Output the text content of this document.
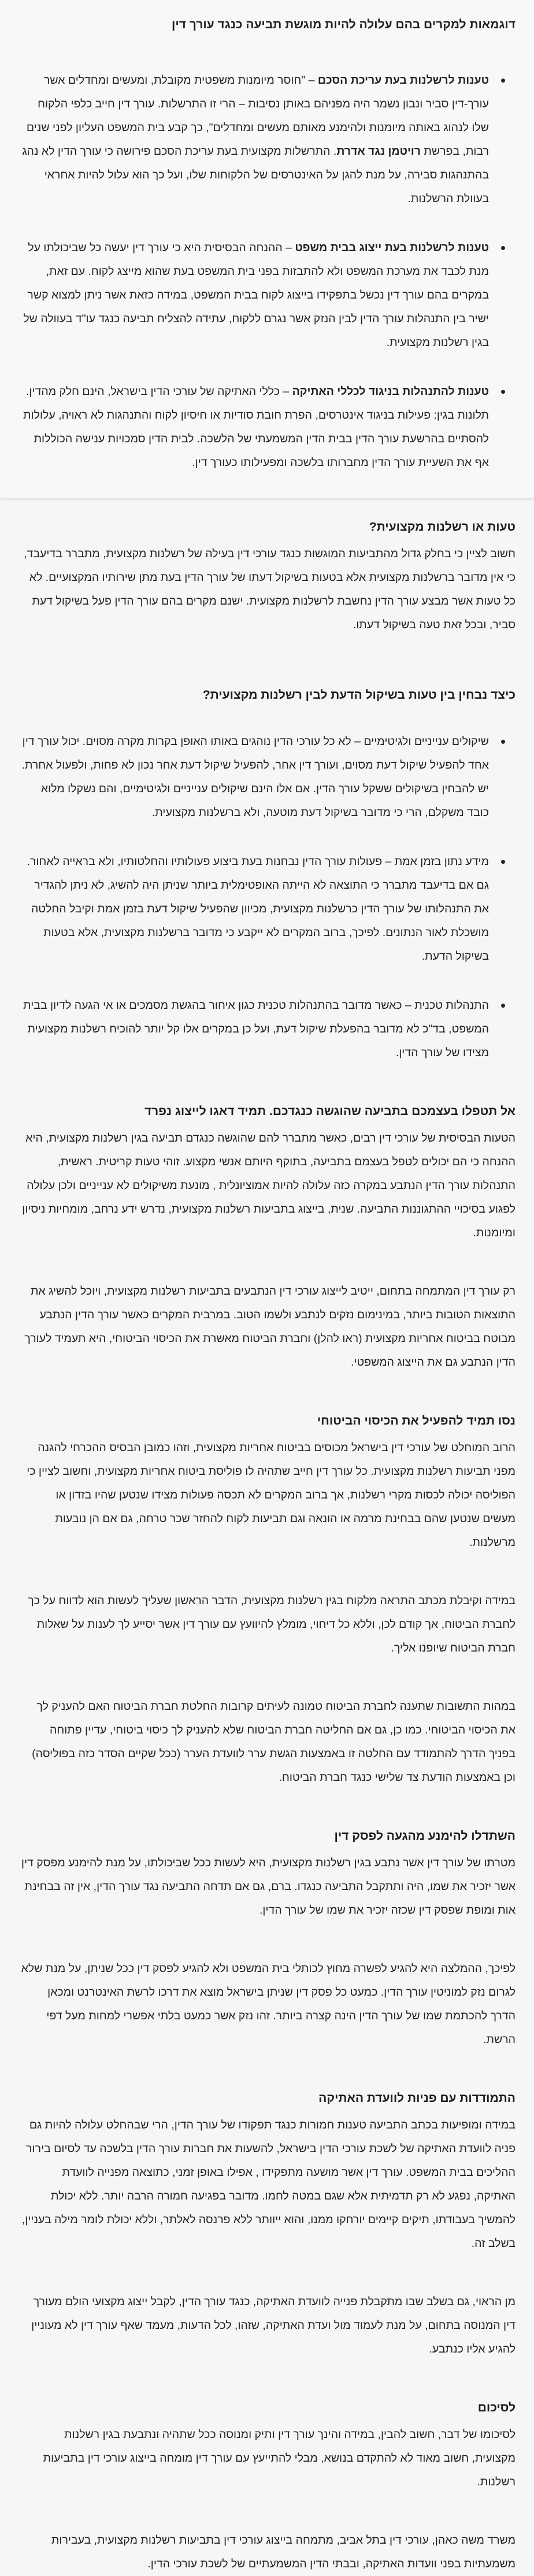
דוגמאות למקרים בהם עלולה להיות מוגשת תביעה כנגד עורך דין
טענות לרשלנות בעת עריכת הסכם – "חוסר מיומנות משפטית מקובלת, ומעשים ומחדלים אשר עורך-דין סביר ונבון נשמר היה מפניהם באותן נסיבות – הרי זו התרשלות. עורך דין חייב כלפי הלקוח שלו לנהוג באותה מיומנות ולהימנע מאותם מעשים ומחדלים", כך קבע בית המשפט העליון לפני שנים רבות, בפרשת רויטמן נגד אדרת. התרשלות מקצועית בעת עריכת הסכם פירושה כי עורך הדין לא נהג בהתנהגות סבירה, על מנת להגן על האינטרסים של הלקוחות שלו, ועל כך הוא עלול להיות אחראי בעוולת הרשלנות.
טענות לרשלנות בעת ייצוג בבית משפט – ההנחה הבסיסית היא כי עורך דין יעשה כל שביכולתו על מנת לכבד את מערכת המשפט ולא להתבזות בפני בית המשפט בעת שהוא מייצג לקוח. עם זאת, במקרים בהם עורך דין נכשל בתפקידו בייצוג לקוח בבית המשפט, במידה כזאת אשר ניתן למצוא קשר ישיר בין התנהלות עורך הדין לבין הנזק אשר נגרם ללקוח, עתידה להצליח תביעה כנגד עו"ד בעוולה של בגין רשלנות מקצועית.
טענות להתנהלות בניגוד לכללי האתיקה – כללי האתיקה של עורכי הדין בישראל, הינם חלק מהדין. תלונות בגין: פעילות בניגוד אינטרסים, הפרת חובת סודיות או חיסיון לקוח והתנהגות לא ראויה, עלולות להסתיים בהרשעת עורך הדין בבית הדין המשמעתי של הלשכה. לבית הדין סמכויות ענישה הכוללות אף את השעיית עורך הדין מחברותו בלשכה ומפעילותו כעורך דין.
טעות או רשלנות מקצועית?

חשוב לציין כי בחלק גדול מהתביעות המוגשות כנגד עורכי דין בעילה של רשלנות מקצועית, מתברר בדיעבד, כי אין מדובר ברשלנות מקצועית אלא בטעות בשיקול דעתו של עורך הדין בעת מתן שירותיו המקצועיים. לא כל טעות אשר מבצע עורך הדין נחשבת לרשלנות מקצועית. ישנם מקרים בהם עורך הדין פעל בשיקול דעת סביר, ובכל זאת טעה בשיקול דעתו.

כיצד נבחין בין טעות בשיקול הדעת לבין רשלנות מקצועית?
שיקולים ענייניים ולגיטימיים – לא כל עורכי הדין נוהגים באותו האופן בקרות מקרה מסוים. יכול עורך דין אחד להפעיל שיקול דעת מסוים, ועורך דין אחר, להפעיל שיקול דעת אחר נכון לא פחות, ולפעול אחרת. יש להבחין בשיקולים ששקל עורך הדין. אם אלו הינם שיקולים ענייניים ולגיטימיים, והם נשקלו מלוא כובד משקלם, הרי כי מדובר בשיקול דעת מוטעה, ולא ברשלנות מקצועית.
מידע נתון בזמן אמת – פעולות עורך הדין נבחנות בעת ביצוע פעולותיו והחלטותיו, ולא בראייה לאחור. גם אם בדיעבד מתברר כי התוצאה לא הייתה האופטימלית ביותר שניתן היה להשיג, לא ניתן להגדיר את התנהלותו של עורך הדין כרשלנות מקצועית, מכיוון שהפעיל שיקול דעת בזמן אמת וקיבל החלטה מושכלת לאור הנתונים. לפיכך, ברוב המקרים לא ייקבע כי מדובר ברשלנות מקצועית, אלא בטעות בשיקול הדעת.
התנהלות טכנית – כאשר מדובר בהתנהלות טכנית כגון איחור בהגשת מסמכים או אי הגעה לדיון בבית המשפט, בד"כ לא מדובר בהפעלת שיקול דעת, ועל כן במקרים אלו קל יותר להוכיח רשלנות מקצועית מצידו של עורך הדין.
אל תטפלו בעצמכם בתביעה שהוגשה כנגדכם. תמיד דאגו לייצוג נפרד

הטעות הבסיסית של עורכי דין רבים, כאשר מתברר להם שהוגשה כנגדם תביעה בגין רשלנות מקצועית, היא ההנחה כי הם יכולים לטפל בעצמם בתביעה, בתוקף היותם אנשי מקצוע. זוהי טעות קריטית. ראשית, התנהלות עורך הדין הנתבע במקרה כזה עלולה להיות אמוציונלית , מונעת משיקולים לא ענייניים ולכן עלולה לפגוע בסיכויי ההתגוננות התביעה. שנית, בייצוג בתביעות רשלנות מקצועית, נדרש ידע נרחב, מומחיות ניסיון ומיומנות.

רק עורך דין המתמחה בתחום, ייטיב לייצוג עורכי דין הנתבעים בתביעות רשלנות מקצועית, ויוכל להשיג את התוצאות הטובות ביותר, במינימום נזקים לנתבע ולשמו הטוב. במרבית המקרים כאשר עורך הדין הנתבע מבוטח בביטוח אחריות מקצועית (ראו להלן) וחברת הביטוח מאשרת את הכיסוי הביטוחי, היא תעמיד לעורך הדין הנתבע גם את הייצוג המשפטי.

נסו תמיד להפעיל את הכיסוי הביטוחי

הרוב המוחלט של עורכי דין בישראל מכוסים בביטוח אחריות מקצועית, וזהו כמובן הבסיס ההכרחי להגנה מפני תביעות רשלנות מקצועית. כל עורך דין חייב שתהיה לו פוליסת ביטוח אחריות מקצועית, וחשוב לציין כי הפוליסה יכולה לכסות מקרי רשלנות, אך ברוב המקרים לא תכסה פעולות מצידו שנטען שהיו בזדון או מעשים שנטען שהם בבחינת מרמה או הונאה וגם תביעות לקוח להחזר שכר טרחה, גם אם הן נובעות מרשלנות.

במידה וקיבלת מכתב התראה מלקוח בגין רשלנות מקצועית, הדבר הראשון שעליך לעשות הוא לדווח על כך לחברת הביטוח, אך קודם לכן, וללא כל דיחוי, מומלץ להיוועץ עם עורך דין אשר יסייע לך לענות על שאלות חברת הביטוח שיופנו אליך.

במהות התשובות שתענה לחברת הביטוח טמונה לעיתים קרובות החלטת חברת הביטוח האם להעניק לך את הכיסוי הביטוחי. כמו כן, גם אם החליטה חברת הביטוח שלא להעניק לך כיסוי ביטוחי, עדיין פתוחה בפניך הדרך להתמודד עם החלטה זו באמצעות הגשת ערר לוועדת הערר (ככל שקיים הסדר כזה בפוליסה) וכן באמצעות הודעת צד שלישי כנגד חברת הביטוח.

השתדלו להימנע מהגעה לפסק דין

מטרתו של עורך דין אשר נתבע בגין רשלנות מקצועית, היא לעשות ככל שביכולתו, על מנת להימנע מפסק דין אשר יזכיר את שמו, היה ותתקבל התביעה כנגדו. ברם, גם אם תדחה התביעה נגד עורך הדין, אין זה בבחינת אות ומופת שפסק דין שכזה יזכיר את שמו של עורך הדין.

לפיכך, ההמלצה היא להגיע לפשרה מחוץ לכותלי בית המשפט ולא להגיע לפסק דין ככל שניתן, על מנת שלא לגרום נזק למוניטין עורך הדין. כמעט כל פסק דין שניתן בישראל מוצא את דרכו לרשת האינטרנט ומכאן הדרך להכתמת שמו של עורך הדין הינה קצרה ביותר. זהו נזק אשר כמעט בלתי אפשרי למחות מעל דפי הרשת.

התמודדות עם פניות לוועדת האתיקה

במידה ומופיעות בכתב התביעה טענות חמורות כנגד תפקודו של עורך הדין, הרי שבהחלט עלולה להיות גם פניה לוועדת האתיקה של לשכת עורכי הדין בישראל, להשעות את חברות עורך הדין בלשכה עד לסיום בירור ההליכים בבית המשפט. עורך דין אשר מושעה מתפקידו , אפילו באופן זמני, כתוצאה מפנייה לוועדת האתיקה, נפגע לא רק תדמיתית אלא שגם במטה לחמו. מדובר בפגיעה חמורה הרבה יותר. ללא יכולת להמשיך בעבודתו, תיקים קיימים יורחקו ממנו, והוא ייוותר ללא פרנסה לאלתר, וללא יכולת לומר מילה בעניין, בשלב זה.

מן הראוי, גם בשלב שבו מתקבלת פנייה לוועדת האתיקה, כנגד עורך הדין, לקבל ייצוג מקצועי הולם מעורך דין המנוסה בתחום, על מנת לעמוד מול ועדת האתיקה, שזהו, לכל הדעות, מעמד שאף עורך דין לא מעוניין להגיע אליו כנתבע.

לסיכום

לסיכומו של דבר, חשוב להבין, במידה והינך עורך דין ותיק ומנוסה ככל שתהיה ונתבעת בגין רשלנות מקצועית, חשוב מאוד לא להתקדם בנושא, מבלי להתייעץ עם עורך דין מומחה בייצוג עורכי דין בתביעות רשלנות.

משרד משה כאהן, עורכי דין בתל אביב, מתמחה בייצוג עורכי דין בתביעות רשלנות מקצועית, בעבירות משמעתיות בפני וועדות האתיקה, ובבתי הדין המשמעתיים של לשכת עורכי הדין.
